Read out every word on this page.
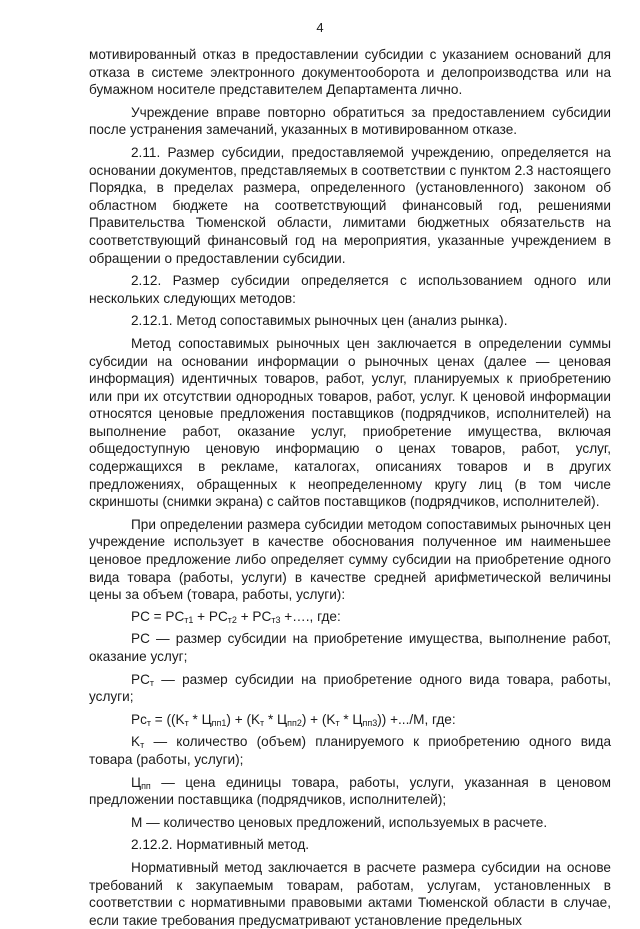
4

мотивированный отказ в предоставлении субсидии с указанием оснований для отказа в системе электронного документооборота и делопроизводства или на бумажном носителе представителем Департамента лично.

Учреждение вправе повторно обратиться за предоставлением субсидии после устранения замечаний, указанных в мотивированном отказе.

2.11. Размер субсидии, предоставляемой учреждению, определяется на основании документов, представляемых в соответствии с пунктом 2.3 настоящего Порядка, в пределах размера, определенного (установленного) законом об областном бюджете на соответствующий финансовый год, решениями Правительства Тюменской области, лимитами бюджетных обязательств на соответствующий финансовый год на мероприятия, указанные учреждением в обращении о предоставлении субсидии.

2.12. Размер субсидии определяется с использованием одного или нескольких следующих методов:

2.12.1. Метод сопоставимых рыночных цен (анализ рынка).

Метод сопоставимых рыночных цен заключается в определении суммы субсидии на основании информации о рыночных ценах (далее — ценовая информация) идентичных товаров, работ, услуг, планируемых к приобретению или при их отсутствии однородных товаров, работ, услуг. К ценовой информации относятся ценовые предложения поставщиков (подрядчиков, исполнителей) на выполнение работ, оказание услуг, приобретение имущества, включая общедоступную ценовую информацию о ценах товаров, работ, услуг, содержащихся в рекламе, каталогах, описаниях товаров и в других предложениях, обращенных к неопределенному кругу лиц (в том числе скриншоты (снимки экрана) с сайтов поставщиков (подрядчиков, исполнителей).

При определении размера субсидии методом сопоставимых рыночных цен учреждение использует в качестве обоснования полученное им наименьшее ценовое предложение либо определяет сумму субсидии на приобретение одного вида товара (работы, услуги) в качестве средней арифметической величины цены за объем (товара, работы, услуги):

PC = $PC_{т1} + PC_{т2} + PC_{т3}$ +…., где:

PC — размер субсидии на приобретение имущества, выполнение работ, оказание услуг;

$PC_т$ — размер субсидии на приобретение одного вида товара, работы, услуги;

$Pc_т = ((K_т * Ц_{пп1}) + (K_т * Ц_{пп2}) + (K_т * Ц_{пп3})) +.../M$, где:

$K_т$ — количество (объем) планируемого к приобретению одного вида товара (работы, услуги);

$Ц_{пп}$ — цена единицы товара, работы, услуги, указанная в ценовом предложении поставщика (подрядчиков, исполнителей);

M — количество ценовых предложений, используемых в расчете.

2.12.2. Нормативный метод.

Нормативный метод заключается в расчете размера субсидии на основе требований к закупаемым товарам, работам, услугам, установленных в соответствии с нормативными правовыми актами Тюменской области в случае, если такие требования предусматривают установление предельных
